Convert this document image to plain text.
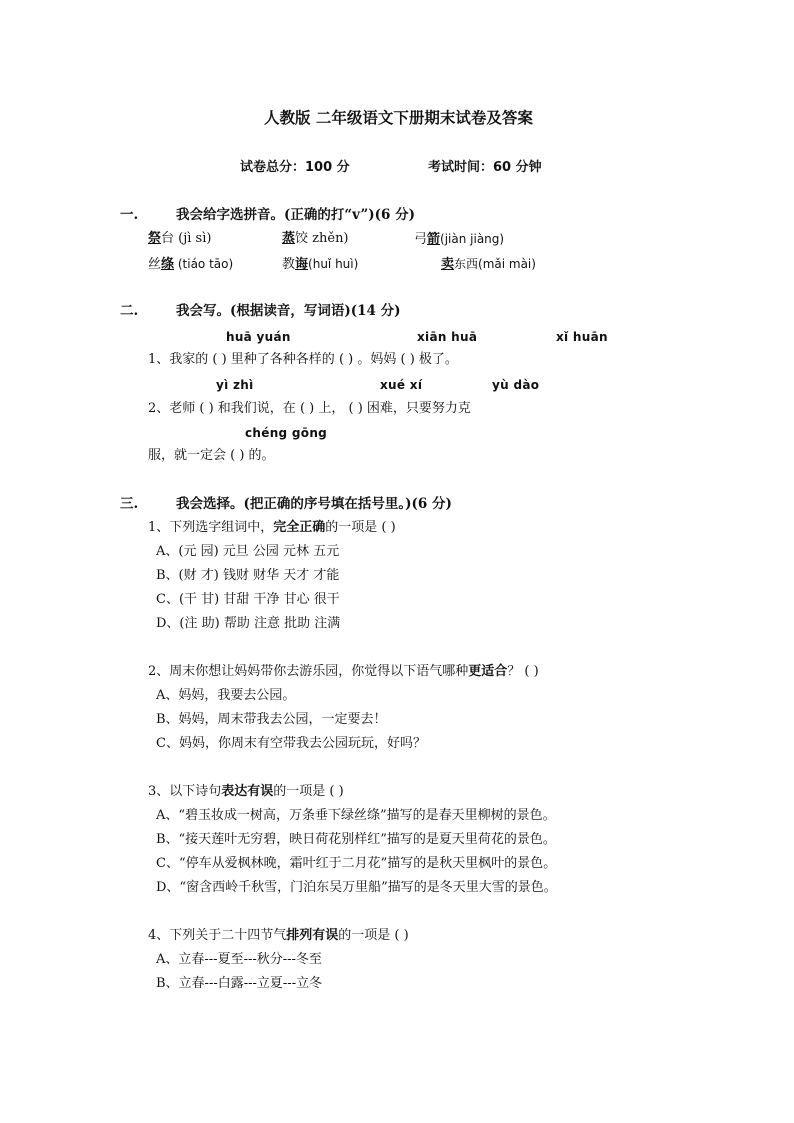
人教版 二年级语文下册期末试卷及答案
试卷总分：100 分	考试时间：60 分钟
一.	我会给字选拼音。(正确的打“v”)(6 分)
祭台 (jì sì)	蒸饺 zhěn)	弓箭(jiàn jiàng)
丝绦 (tiáo tāo)	教诲(huǐ huì)	卖东西(mǎi mài)
二.	我会写。(根据读音，写词语)(14 分)
huā yuán	xiān huā	xǐ huān
1、我家的 ( ) 里种了各种各样的 ( ) 。妈妈 ( ) 极了。
yì zhì	xué xí	yù dào
2、老师 ( ) 和我们说，在 ( ) 上， ( ) 困难，只要努力克
chéng gōng
服，就一定会 ( ) 的。
三.	我会选择。(把正确的序号填在括号里。)(6 分)
1、下列选字组词中，完全正确的一项是 ( )
A、(元 园) 元旦 公园 元林 五元
B、(财 才) 钱财 财华 天才 才能
C、(干 甘) 甘甜 干净 甘心 很干
D、(注 助) 帮助 注意 批助 注满
2、周末你想让妈妈带你去游乐园，你觉得以下语气哪种更适合？ ( )
A、妈妈，我要去公园。
B、妈妈，周末带我去公园，一定要去！
C、妈妈，你周末有空带我去公园玩玩，好吗？
3、以下诗句表达有误的一项是 ( )
A、“碧玉妆成一树高，万条垂下绿丝绦”描写的是春天里柳树的景色。
B、“接天莲叶无穷碧，映日荷花别样红”描写的是夏天里荷花的景色。
C、“停车从爱枫林晚，霜叶红于二月花”描写的是秋天里枫叶的景色。
D、“窗含西岭千秋雪，门泊东吴万里船”描写的是冬天里大雪的景色。
4、下列关于二十四节气排列有误的一项是 ( )
A、立春---夏至---秋分---冬至
B、立春---白露---立夏---立冬
